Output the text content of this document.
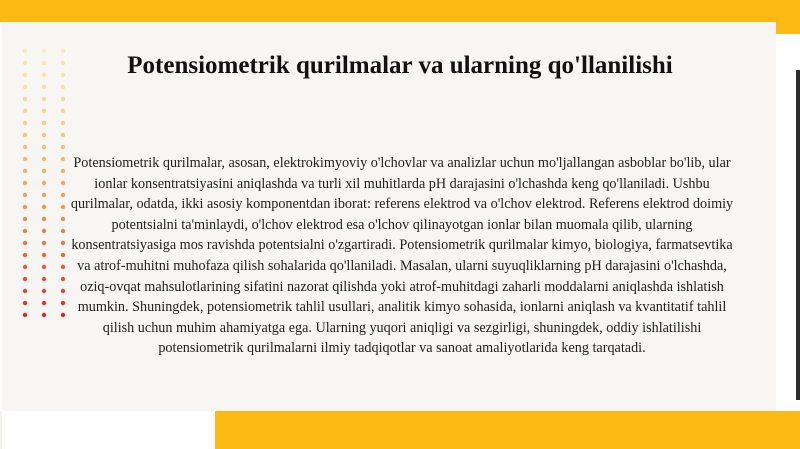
Potensiometrik qurilmalar va ularning qo'llanilishi

Potensiometrik qurilmalar, asosan, elektrokimyoviy o'lchovlar va analizlar uchun mo'ljallangan asboblar bo'lib, ular ionlar konsentratsiyasini aniqlashda va turli xil muhitlarda pH darajasini o'lchashda keng qo'llaniladi. Ushbu qurilmalar, odatda, ikki asosiy komponentdan iborat: referens elektrod va o'lchov elektrod. Referens elektrod doimiy potentsialni ta'minlaydi, o'lchov elektrod esa o'lchov qilinayotgan ionlar bilan muomala qilib, ularning konsentratsiyasiga mos ravishda potentsialni o'zgartiradi. Potensiometrik qurilmalar kimyo, biologiya, farmatsevtika va atrof-muhitni muhofaza qilish sohalarida qo'llaniladi. Masalan, ularni suyuqliklarning pH darajasini o'lchashda, oziq-ovqat mahsulotlarining sifatini nazorat qilishda yoki atrof-muhitdagi zaharli moddalarni aniqlashda ishlatish mumkin. Shuningdek, potensiometrik tahlil usullari, analitik kimyo sohasida, ionlarni aniqlash va kvantitatif tahlil qilish uchun muhim ahamiyatga ega. Ularning yuqori aniqligi va sezgirligi, shuningdek, oddiy ishlatilishi potensiometrik qurilmalarni ilmiy tadqiqotlar va sanoat amaliyotlarida keng tarqatadi.
